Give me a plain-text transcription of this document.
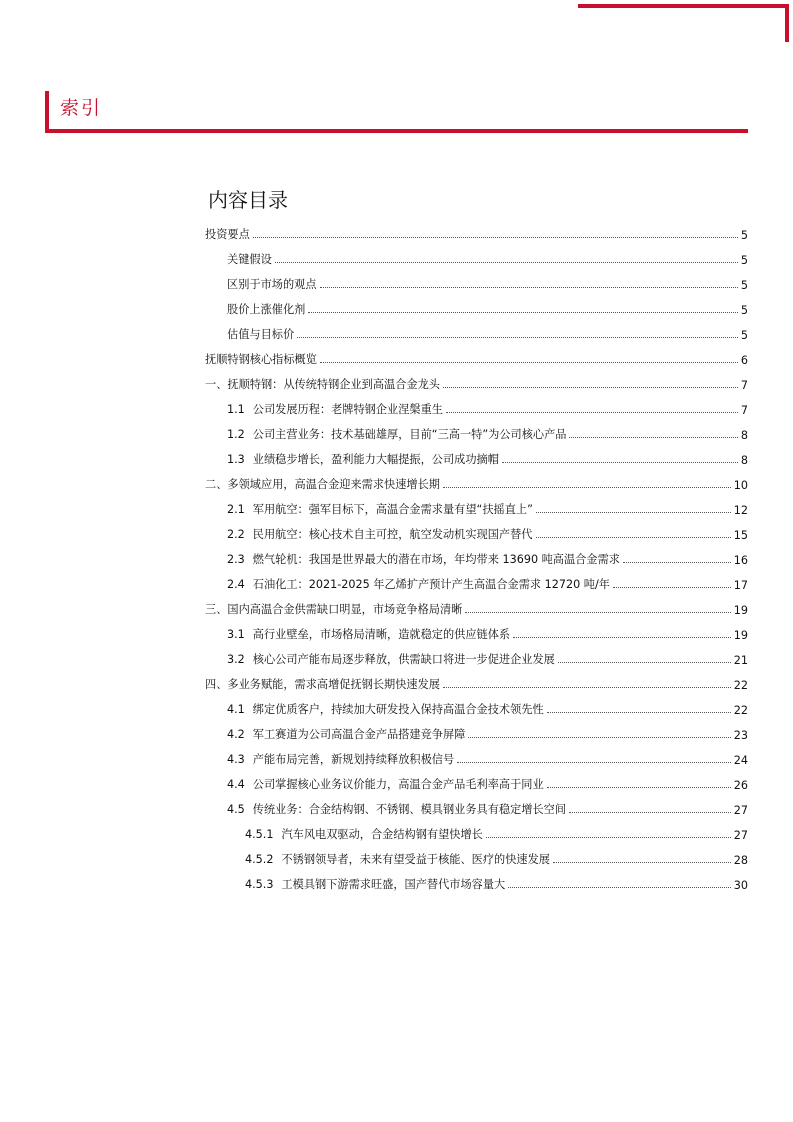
索引
内容目录
投资要点	5
关键假设	5
区别于市场的观点	5
股价上涨催化剂	5
估值与目标价	5
抚顺特钢核心指标概览	6
一、抚顺特钢：从传统特钢企业到高温合金龙头	7
1.1 公司发展历程：老牌特钢企业涅槃重生	7
1.2 公司主营业务：技术基础雄厚，目前“三高一特”为公司核心产品	8
1.3 业绩稳步增长，盈利能力大幅提振，公司成功摘帽	8
二、多领域应用，高温合金迎来需求快速增长期	10
2.1 军用航空：强军目标下，高温合金需求量有望“扶摇直上”	12
2.2 民用航空：核心技术自主可控，航空发动机实现国产替代	15
2.3 燃气轮机：我国是世界最大的潜在市场，年均带来 13690 吨高温合金需求	16
2.4 石油化工：2021-2025 年乙烯扩产预计产生高温合金需求 12720 吨/年	17
三、国内高温合金供需缺口明显，市场竞争格局清晰	19
3.1 高行业壁垒，市场格局清晰，造就稳定的供应链体系	19
3.2 核心公司产能布局逐步释放，供需缺口将进一步促进企业发展	21
四、多业务赋能，需求高增促抚钢长期快速发展	22
4.1 绑定优质客户，持续加大研发投入保持高温合金技术领先性	22
4.2 军工赛道为公司高温合金产品搭建竞争屏障	23
4.3 产能布局完善，新规划持续释放积极信号	24
4.4 公司掌握核心业务议价能力，高温合金产品毛利率高于同业	26
4.5 传统业务：合金结构钢、不锈钢、模具钢业务具有稳定增长空间	27
4.5.1 汽车风电双驱动，合金结构钢有望快增长	27
4.5.2 不锈钢领导者，未来有望受益于核能、医疗的快速发展	28
4.5.3 工模具钢下游需求旺盛，国产替代市场容量大	30
